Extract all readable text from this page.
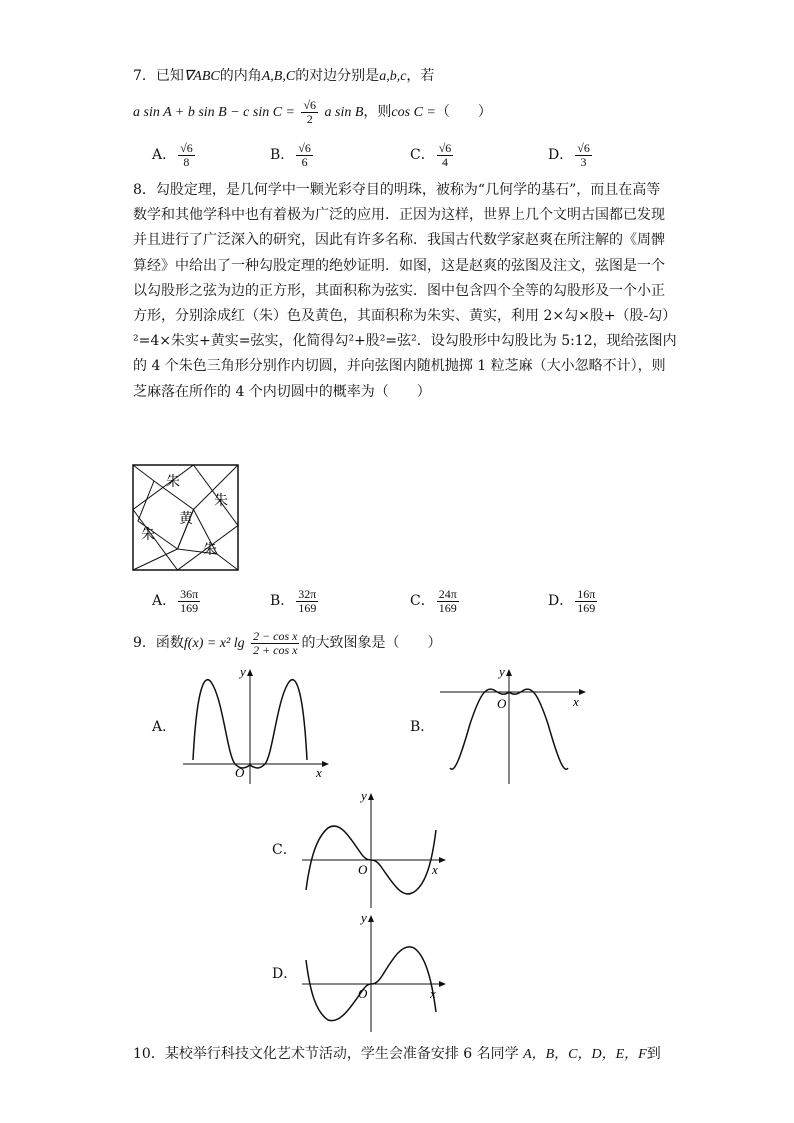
7．已知∇ABC的内角A,B,C的对边分别是a,b,c，若
a sin A + b sin B − c $\sin C = \frac{√6}{2}$ a sin B，则cos C =（　　）
A． $\frac{√6}{8}$	B． $\frac{√6}{6}$	C． $\frac{√6}{4}$	D． $\frac{√6}{3}$
8．勾股定理，是几何学中一颗光彩夺目的明珠，被称为“几何学的基石”，而且在高等
数学和其他学科中也有着极为广泛的应用．正因为这样，世界上几个文明古国都已发现
并且进行了广泛深入的研究，因此有许多名称．我国古代数学家赵爽在所注解的《周髀
算经》中给出了一种勾股定理的绝妙证明．如图，这是赵爽的弦图及注文，弦图是一个
以勾股形之弦为边的正方形，其面积称为弦实．图中包含四个全等的勾股形及一个小正
方形，分别涂成红（朱）色及黄色，其面积称为朱实、黄实，利用 2×勾×股+（股-勾）
²=4×朱实+黄实=弦实，化简得勾²+股²=弦²．设勾股形中勾股比为 5:12，现给弦图内
的 4 个朱色三角形分别作内切圆，并向弦图内随机抛掷 1 粒芝麻（大小忽略不计），则
芝麻落在所作的 4 个内切圆中的概率为（　　）
朱
朱
黄
朱
朱
A． $\frac{36\pi}{169}$	B． $\frac{32\pi}{169}$	C． $\frac{24\pi}{169}$	D． $\frac{16\pi}{169}$
9．函数f(x) = x² $\lg \frac{\text{2 − cos x}}{\text{2 + cos x}}$ 的大致图象是（　　）
A．
y
x
O
B．
y
x
O
C．
y
x
O
D．
y
x
O
10．某校举行科技文化艺术节活动，学生会准备安排 6 名同学 A，B，C，D，E，F到
